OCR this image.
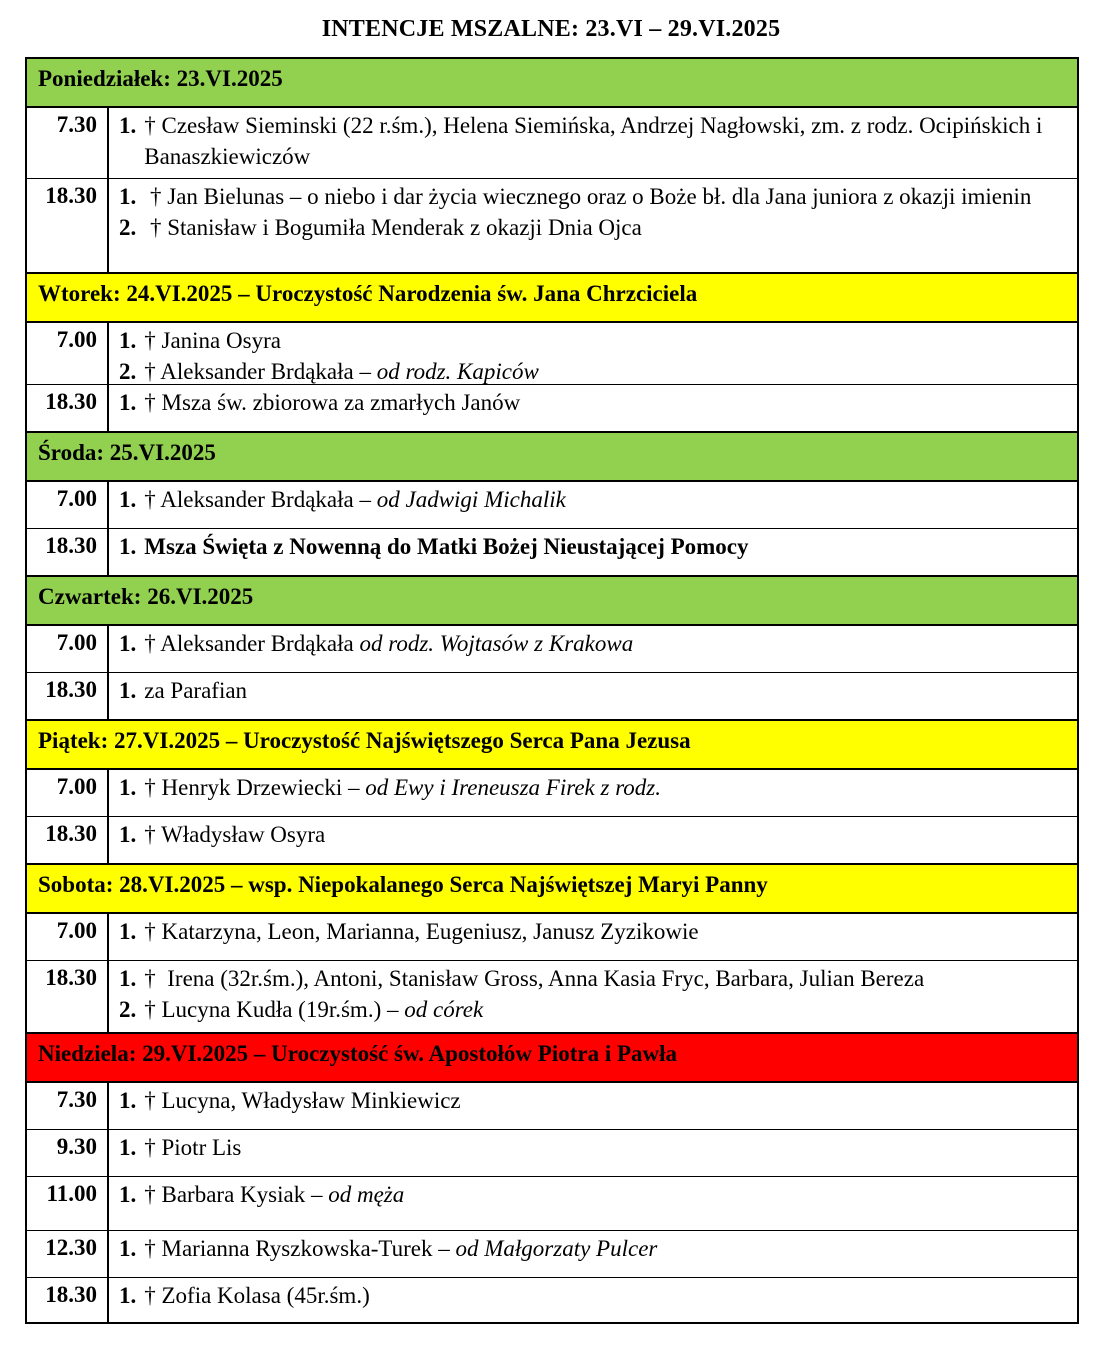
INTENCJE MSZALNE: 23.VI – 29.VI.2025
Poniedziałek: 23.VI.2025
7.30 1. † Czesław Sieminski (22 r.śm.), Helena Siemińska, Andrzej Nagłowski, zm. z rodz. Ocipińskich i Banaszkiewiczów
18.30 1. † Jan Bielunas – o niebo i dar życia wiecznego oraz o Boże bł. dla Jana juniora z okazji imienin
2. † Stanisław i Bogumiła Menderak z okazji Dnia Ojca
Wtorek: 24.VI.2025 – Uroczystość Narodzenia św. Jana Chrzciciela
7.00 1. † Janina Osyra
2. † Aleksander Brdąkała – od rodz. Kapiców
18.30 1. † Msza św. zbiorowa za zmarłych Janów
Środa: 25.VI.2025
7.00 1. † Aleksander Brdąkała – od Jadwigi Michalik
18.30 1. Msza Święta z Nowenną do Matki Bożej Nieustającej Pomocy
Czwartek: 26.VI.2025
7.00 1. † Aleksander Brdąkała od rodz. Wojtasów z Krakowa
18.30 1. za Parafian
Piątek: 27.VI.2025 – Uroczystość Najświętszego Serca Pana Jezusa
7.00 1. † Henryk Drzewiecki – od Ewy i Ireneusza Firek z rodz.
18.30 1. † Władysław Osyra
Sobota: 28.VI.2025 – wsp. Niepokalanego Serca Najświętszej Maryi Panny
7.00 1. † Katarzyna, Leon, Marianna, Eugeniusz, Janusz Zyzikowie
18.30 1. †  Irena (32r.śm.), Antoni, Stanisław Gross, Anna Kasia Fryc, Barbara, Julian Bereza
2. † Lucyna Kudła (19r.śm.) – od córek
Niedziela: 29.VI.2025 – Uroczystość św. Apostołów Piotra i Pawła
7.30 1. † Lucyna, Władysław Minkiewicz
9.30 1. † Piotr Lis
11.00 1. † Barbara Kysiak – od męża
12.30 1. † Marianna Ryszkowska-Turek – od Małgorzaty Pulcer
18.30 1. † Zofia Kolasa (45r.śm.)
